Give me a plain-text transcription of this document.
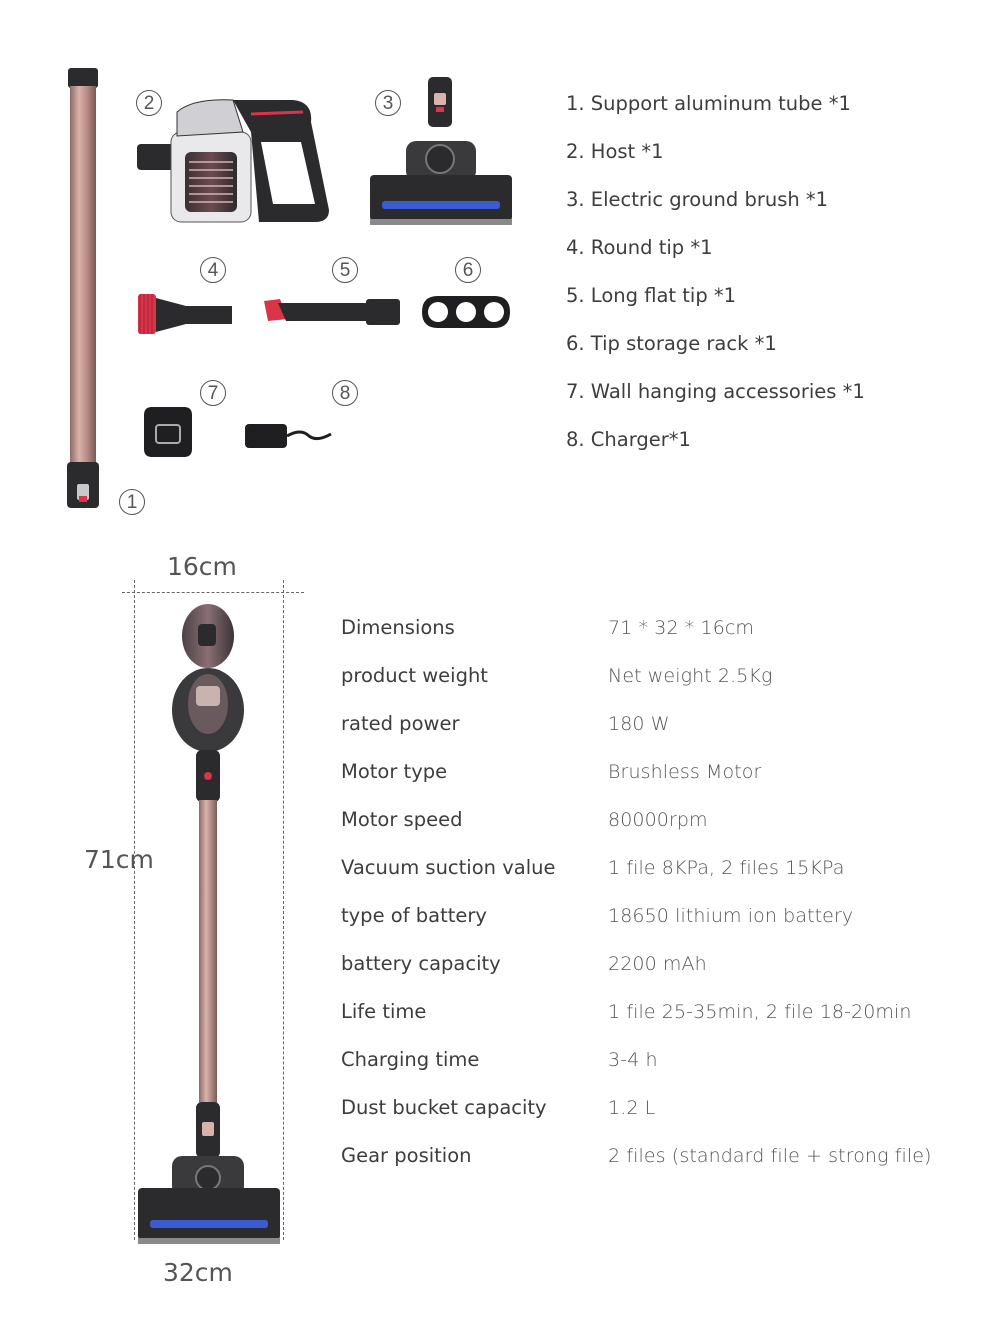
1
2	3
4	5	6
7	8
1. Support aluminum tube *1
2. Host *1
3. Electric ground brush *1
4. Round tip *1
5. Long flat tip *1
6. Tip storage rack *1
7. Wall hanging accessories *1
8. Charger*1
16cm
71cm
32cm
Dimensions	71 * 32 * 16cm
product weight	Net weight 2.5Kg
rated power	180 W
Motor type	Brushless Motor
Motor speed	80000rpm
Vacuum suction value	1 file 8KPa, 2 files 15KPa
type of battery	18650 lithium ion battery
battery capacity	2200 mAh
Life time	1 file 25-35min, 2 file 18-20min
Charging time	3-4 h
Dust bucket capacity	1.2 L
Gear position	2 files (standard file + strong file)
